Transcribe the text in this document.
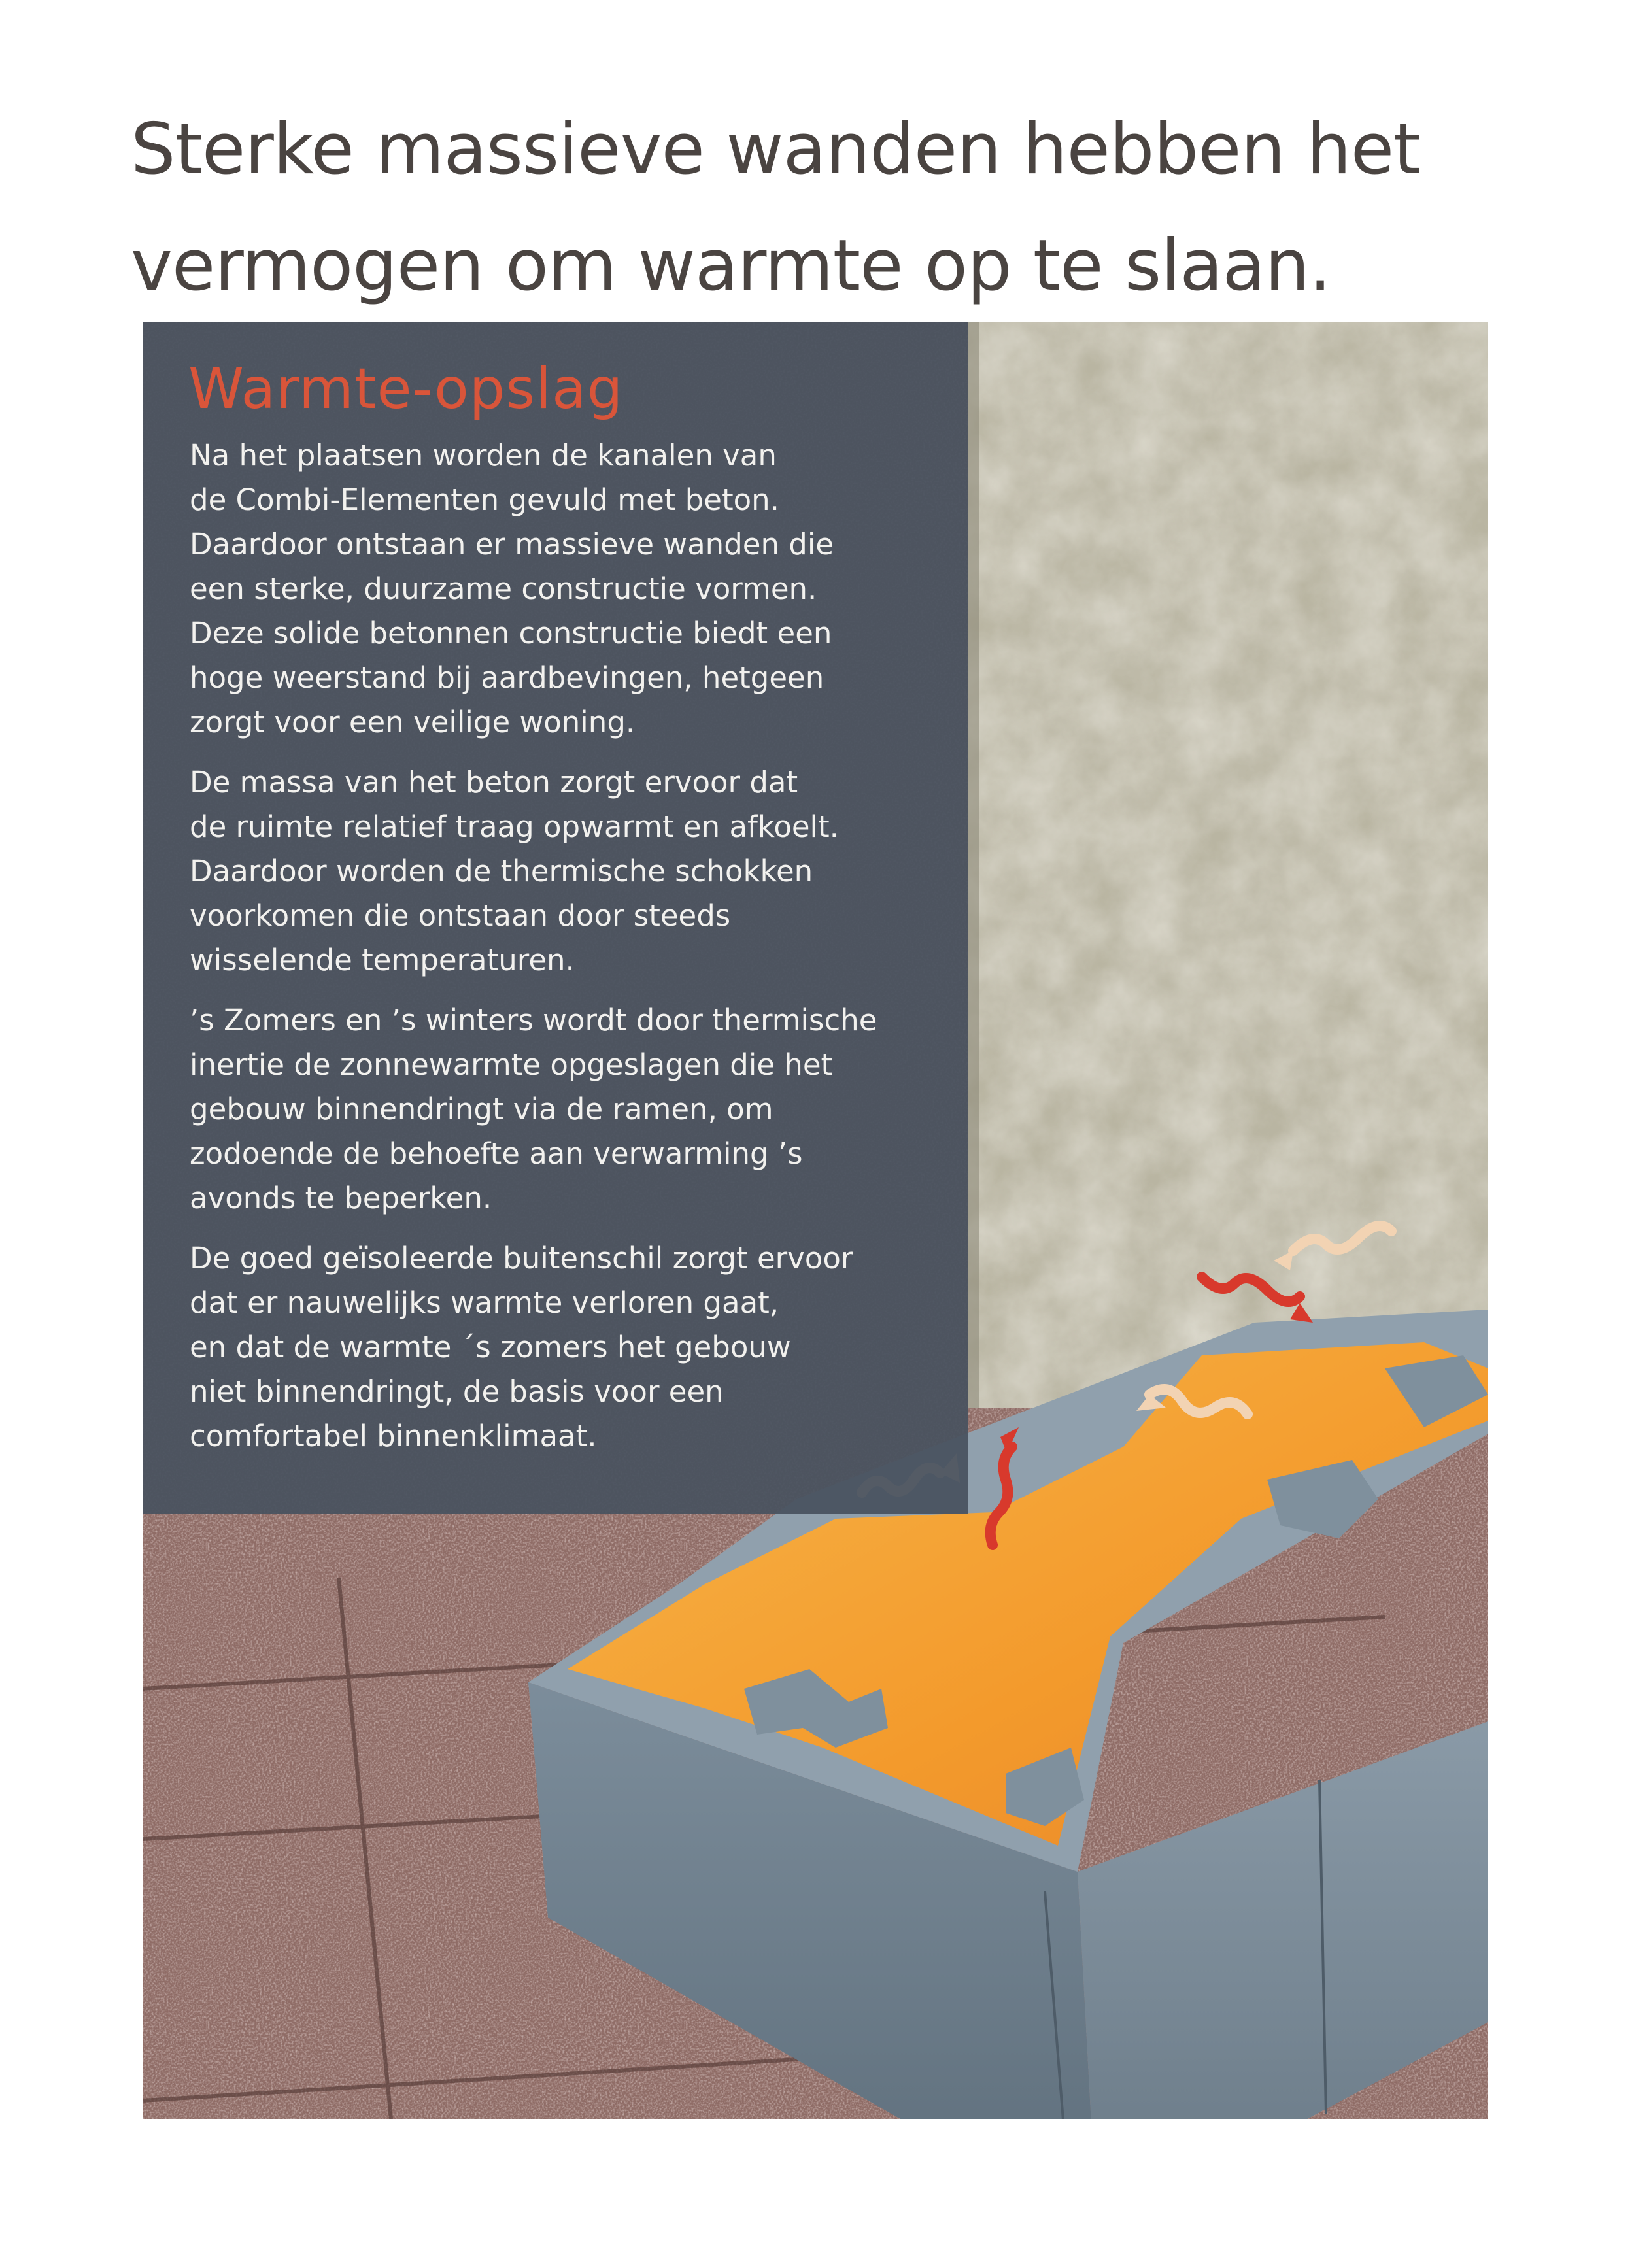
Sterke massieve wanden hebben het
vermogen om warmte op te slaan.
Warmte-opslag

Na het plaatsen worden de kanalen van
de Combi-Elementen gevuld met beton.
Daardoor ontstaan er massieve wanden die
een sterke, duurzame constructie vormen.
Deze solide betonnen constructie biedt een
hoge weerstand bij aardbevingen, hetgeen
zorgt voor een veilige woning.

De massa van het beton zorgt ervoor dat
de ruimte relatief traag opwarmt en afkoelt.
Daardoor worden de thermische schokken
voorkomen die ontstaan door steeds
wisselende temperaturen.

’s Zomers en ’s winters wordt door thermische
inertie de zonnewarmte opgeslagen die het
gebouw binnendringt via de ramen, om
zodoende de behoefte aan verwarming ’s
avonds te beperken.

De goed geïsoleerde buitenschil zorgt ervoor
dat er nauwelijks warmte verloren gaat,
en dat de warmte ´s zomers het gebouw
niet binnendringt, de basis voor een
comfortabel binnenklimaat.
